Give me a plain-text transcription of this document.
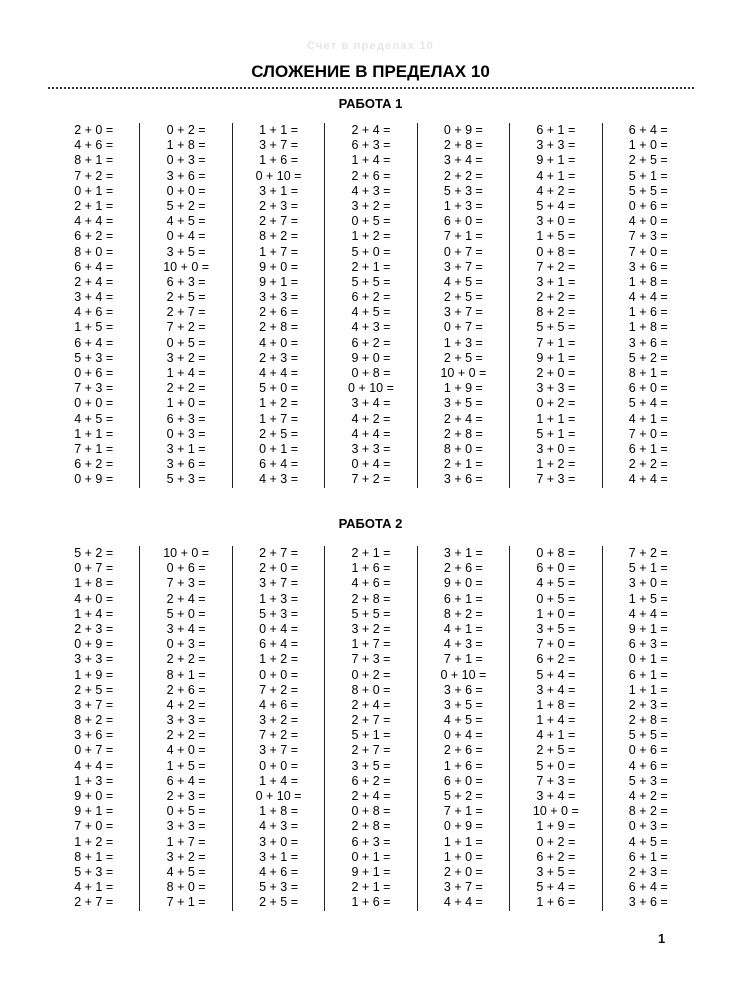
Счет в пределах 10
СЛОЖЕНИЕ В ПРЕДЕЛАХ 10
РАБОТА 1
2 + 0 =
4 + 6 =
8 + 1 =
7 + 2 =
0 + 1 =
2 + 1 =
4 + 4 =
6 + 2 =
8 + 0 =
6 + 4 =
2 + 4 =
3 + 4 =
4 + 6 =
1 + 5 =
6 + 4 =
5 + 3 =
0 + 6 =
7 + 3 =
0 + 0 =
4 + 5 =
1 + 1 =
7 + 1 =
6 + 2 =
0 + 9 =
0 + 2 =
1 + 8 =
0 + 3 =
3 + 6 =
0 + 0 =
5 + 2 =
4 + 5 =
0 + 4 =
3 + 5 =
10 + 0 =
6 + 3 =
2 + 5 =
2 + 7 =
7 + 2 =
0 + 5 =
3 + 2 =
1 + 4 =
2 + 2 =
1 + 0 =
6 + 3 =
0 + 3 =
3 + 1 =
3 + 6 =
5 + 3 =
1 + 1 =
3 + 7 =
1 + 6 =
0 + 10 =
3 + 1 =
2 + 3 =
2 + 7 =
8 + 2 =
1 + 7 =
9 + 0 =
9 + 1 =
3 + 3 =
2 + 6 =
2 + 8 =
4 + 0 =
2 + 3 =
4 + 4 =
5 + 0 =
1 + 2 =
1 + 7 =
2 + 5 =
0 + 1 =
6 + 4 =
4 + 3 =
2 + 4 =
6 + 3 =
1 + 4 =
2 + 6 =
4 + 3 =
3 + 2 =
0 + 5 =
1 + 2 =
5 + 0 =
2 + 1 =
5 + 5 =
6 + 2 =
4 + 5 =
4 + 3 =
6 + 2 =
9 + 0 =
0 + 8 =
0 + 10 =
3 + 4 =
4 + 2 =
4 + 4 =
3 + 3 =
0 + 4 =
7 + 2 =
0 + 9 =
2 + 8 =
3 + 4 =
2 + 2 =
5 + 3 =
1 + 3 =
6 + 0 =
7 + 1 =
0 + 7 =
3 + 7 =
4 + 5 =
2 + 5 =
3 + 7 =
0 + 7 =
1 + 3 =
2 + 5 =
10 + 0 =
1 + 9 =
3 + 5 =
2 + 4 =
2 + 8 =
8 + 0 =
2 + 1 =
3 + 6 =
6 + 1 =
3 + 3 =
9 + 1 =
4 + 1 =
4 + 2 =
5 + 4 =
3 + 0 =
1 + 5 =
0 + 8 =
7 + 2 =
3 + 1 =
2 + 2 =
8 + 2 =
5 + 5 =
7 + 1 =
9 + 1 =
2 + 0 =
3 + 3 =
0 + 2 =
1 + 1 =
5 + 1 =
3 + 0 =
1 + 2 =
7 + 3 =
6 + 4 =
1 + 0 =
2 + 5 =
5 + 1 =
5 + 5 =
0 + 6 =
4 + 0 =
7 + 3 =
7 + 0 =
3 + 6 =
1 + 8 =
4 + 4 =
1 + 6 =
1 + 8 =
3 + 6 =
5 + 2 =
8 + 1 =
6 + 0 =
5 + 4 =
4 + 1 =
7 + 0 =
6 + 1 =
2 + 2 =
4 + 4 =
РАБОТА 2
5 + 2 =
0 + 7 =
1 + 8 =
4 + 0 =
1 + 4 =
2 + 3 =
0 + 9 =
3 + 3 =
1 + 9 =
2 + 5 =
3 + 7 =
8 + 2 =
3 + 6 =
0 + 7 =
4 + 4 =
1 + 3 =
9 + 0 =
9 + 1 =
7 + 0 =
1 + 2 =
8 + 1 =
5 + 3 =
4 + 1 =
2 + 7 =
10 + 0 =
0 + 6 =
7 + 3 =
2 + 4 =
5 + 0 =
3 + 4 =
0 + 3 =
2 + 2 =
8 + 1 =
2 + 6 =
4 + 2 =
3 + 3 =
2 + 2 =
4 + 0 =
1 + 5 =
6 + 4 =
2 + 3 =
0 + 5 =
3 + 3 =
1 + 7 =
3 + 2 =
4 + 5 =
8 + 0 =
7 + 1 =
2 + 7 =
2 + 0 =
3 + 7 =
1 + 3 =
5 + 3 =
0 + 4 =
6 + 4 =
1 + 2 =
0 + 0 =
7 + 2 =
4 + 6 =
3 + 2 =
7 + 2 =
3 + 7 =
0 + 0 =
1 + 4 =
0 + 10 =
1 + 8 =
4 + 3 =
3 + 0 =
3 + 1 =
4 + 6 =
5 + 3 =
2 + 5 =
2 + 1 =
1 + 6 =
4 + 6 =
2 + 8 =
5 + 5 =
3 + 2 =
1 + 7 =
7 + 3 =
0 + 2 =
8 + 0 =
2 + 4 =
2 + 7 =
5 + 1 =
2 + 7 =
3 + 5 =
6 + 2 =
2 + 4 =
0 + 8 =
2 + 8 =
6 + 3 =
0 + 1 =
9 + 1 =
2 + 1 =
1 + 6 =
3 + 1 =
2 + 6 =
9 + 0 =
6 + 1 =
8 + 2 =
4 + 1 =
4 + 3 =
7 + 1 =
0 + 10 =
3 + 6 =
3 + 5 =
4 + 5 =
0 + 4 =
2 + 6 =
1 + 6 =
6 + 0 =
5 + 2 =
7 + 1 =
0 + 9 =
1 + 1 =
1 + 0 =
2 + 0 =
3 + 7 =
4 + 4 =
0 + 8 =
6 + 0 =
4 + 5 =
0 + 5 =
1 + 0 =
3 + 5 =
7 + 0 =
6 + 2 =
5 + 4 =
3 + 4 =
1 + 8 =
1 + 4 =
4 + 1 =
2 + 5 =
5 + 0 =
7 + 3 =
3 + 4 =
10 + 0 =
1 + 9 =
0 + 2 =
6 + 2 =
3 + 5 =
5 + 4 =
1 + 6 =
7 + 2 =
5 + 1 =
3 + 0 =
1 + 5 =
4 + 4 =
9 + 1 =
6 + 3 =
0 + 1 =
6 + 1 =
1 + 1 =
2 + 3 =
2 + 8 =
5 + 5 =
0 + 6 =
4 + 6 =
5 + 3 =
4 + 2 =
8 + 2 =
0 + 3 =
4 + 5 =
6 + 1 =
2 + 3 =
6 + 4 =
3 + 6 =
1
